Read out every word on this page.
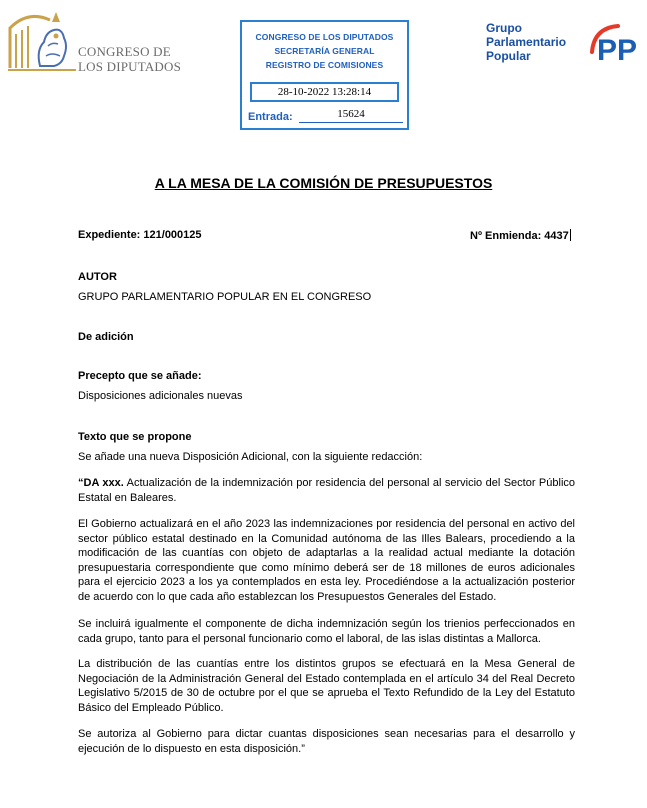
CONGRESO DE
LOS DIPUTADOS
CONGRESO DE LOS DIPUTADOS
SECRETARÍA GENERAL
REGISTRO DE COMISIONES
28-10-2022 13:28:14
Entrada:	15624
Grupo
Parlamentario
Popular	PP
A LA MESA DE LA COMISIÓN DE PRESUPUESTOS
Expediente: 121/000125	Nº Enmienda: 4437
AUTOR
GRUPO PARLAMENTARIO POPULAR EN EL CONGRESO
De adición
Precepto que se añade:
Disposiciones adicionales nuevas
Texto que se propone
Se añade una nueva Disposición Adicional, con la siguiente redacción:
“DA xxx. Actualización de la indemnización por residencia del personal al servicio del Sector Público Estatal en Baleares.
El Gobierno actualizará en el año 2023 las indemnizaciones por residencia del personal en activo del sector público estatal destinado en la Comunidad autónoma de las Illes Balears, procediendo a la modificación de las cuantías con objeto de adaptarlas a la realidad actual mediante la dotación presupuestaria correspondiente que como mínimo deberá ser de 18 millones de euros adicionales para el ejercicio 2023 a los ya contemplados en esta ley. Procediéndose a la actualización posterior de acuerdo con lo que cada año establezcan los Presupuestos Generales del Estado.
Se incluirá igualmente el componente de dicha indemnización según los trienios perfeccionados en cada grupo, tanto para el personal funcionario como el laboral, de las islas distintas a Mallorca.
La distribución de las cuantías entre los distintos grupos se efectuará en la Mesa General de Negociación de la Administración General del Estado contemplada en el artículo 34 del Real Decreto Legislativo 5/2015 de 30 de octubre por el que se aprueba el Texto Refundido de la Ley del Estatuto Básico del Empleado Público.
Se autoriza al Gobierno para dictar cuantas disposiciones sean necesarias para el desarrollo y ejecución de lo dispuesto en esta disposición.”
